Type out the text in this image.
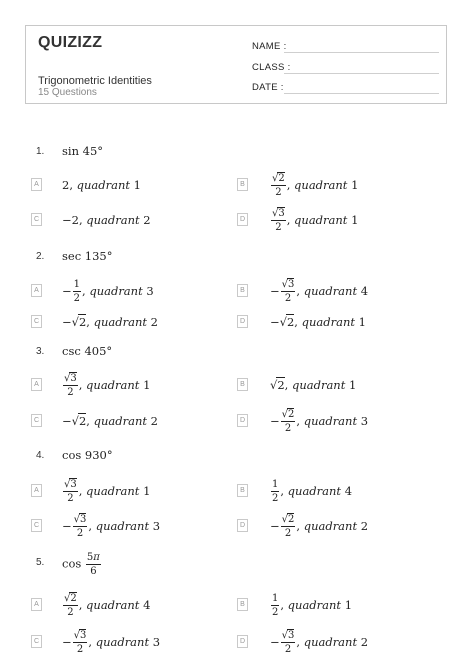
QUIZIZZ
Trigonometric Identities
15 Questions
NAME :
CLASS :
DATE :
1. sin 45°
A 2, quadrant 1	B	$\frac{√2}{2}$ , quadrant 1
C −2, quadrant 2	D	$\frac{√3}{2}$ , quadrant 1
2. sec 135°
$A - \frac{1}{2}$ , quadrant 3	$B - \frac{√3}{2}$ , quadrant 4
C − √2 , quadrant 2	D − √2 , quadrant 1
3. csc 405°
A	$\frac{√3}{2}$ , quadrant 1	B √2 , quadrant 1
C − √2 , quadrant 2	$D - \frac{√2}{2}$ , quadrant 3
4. cos 930°
A	$\frac{√3}{2}$ , quadrant 1	B	$\frac{1}{2}$ , quadrant 4
$C - \frac{√3}{2}$ , quadrant 3	$D - \frac{√2}{2}$ , quadrant 2
5. $\cos \frac{5\pi}{6}$
A	$\frac{√2}{2}$ , quadrant 4	B	$\frac{1}{2}$ , quadrant 1
$C - \frac{√3}{2}$ , quadrant 3	$D - \frac{√3}{2}$ , quadrant 2
